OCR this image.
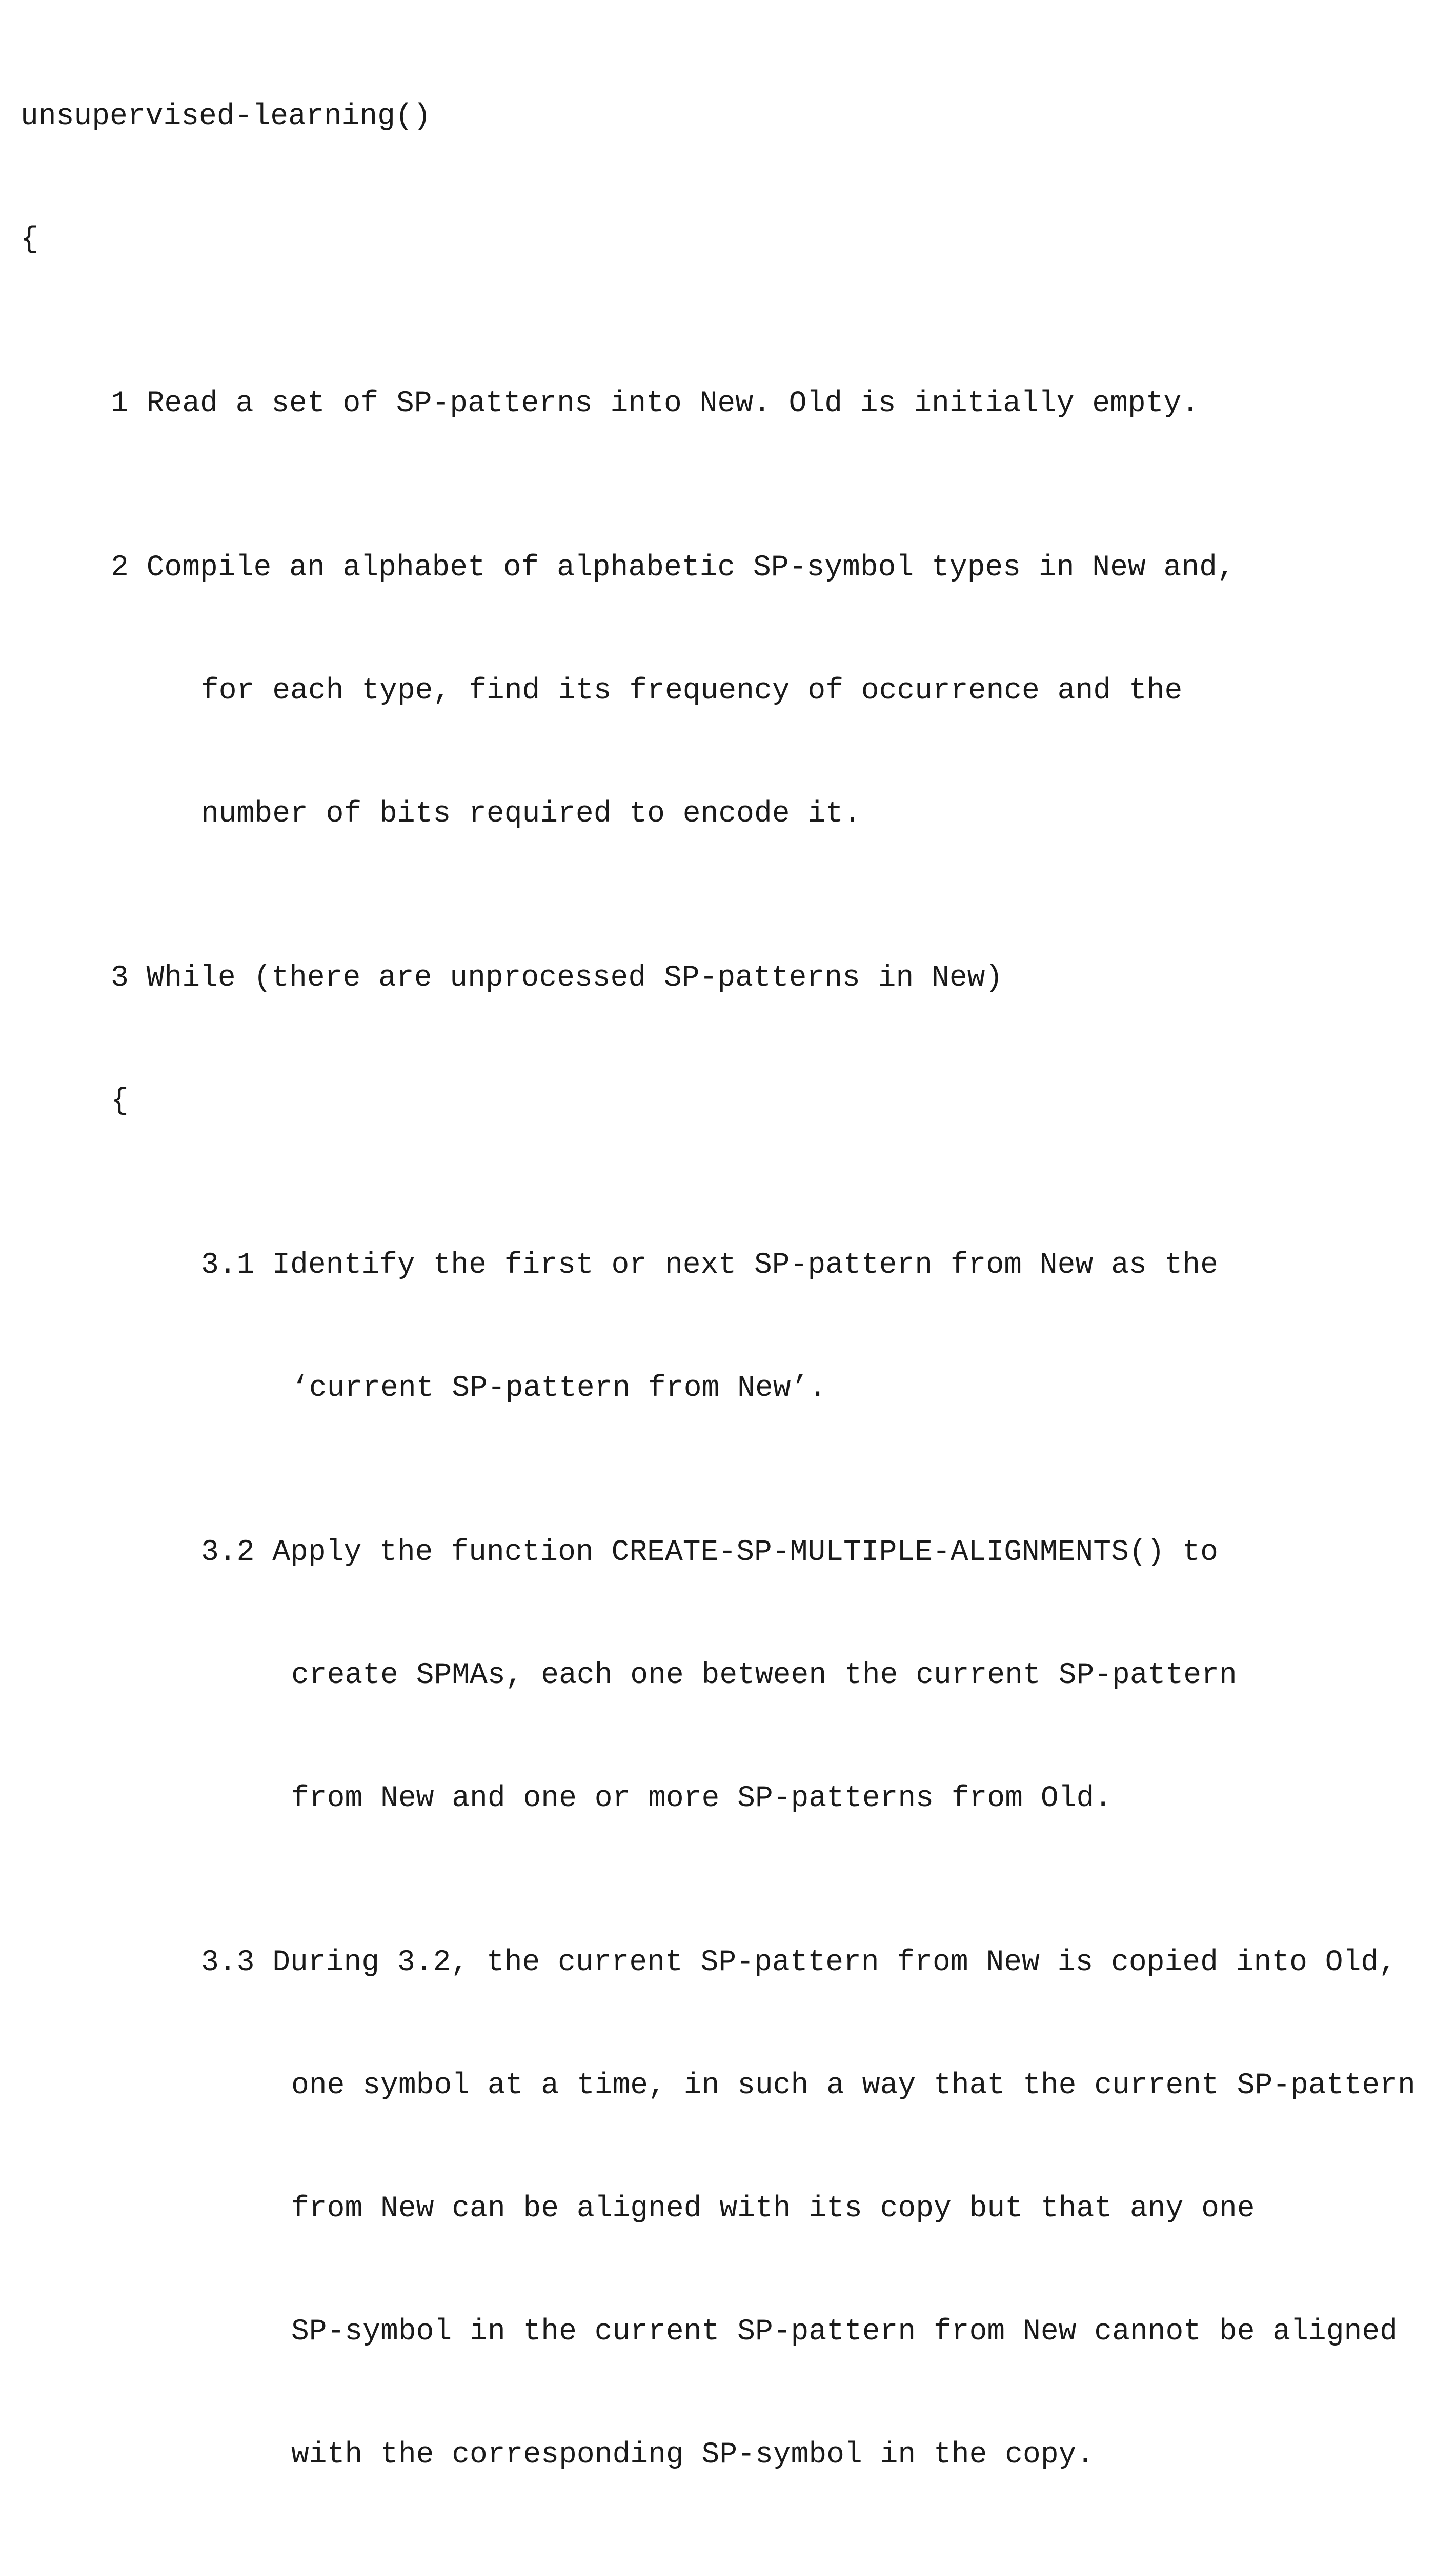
unsupervised-learning()

{

1 Read a set of SP-patterns into New. Old is initially empty.

2 Compile an alphabet of alphabetic SP-symbol types in New and,

for each type, find its frequency of occurrence and the

number of bits required to encode it.

3 While (there are unprocessed SP-patterns in New)

{

3.1 Identify the first or next SP-pattern from New as the

‘current SP-pattern from New’.

3.2 Apply the function CREATE-SP-MULTIPLE-ALIGNMENTS() to

create SPMAs, each one between the current SP-pattern

from New and one or more SP-patterns from Old.

3.3 During 3.2, the current SP-pattern from New is copied into Old,

one symbol at a time, in such a way that the current SP-pattern

from New can be aligned with its copy but that any one

SP-symbol in the current SP-pattern from New cannot be aligned

with the corresponding SP-symbol in the copy.
